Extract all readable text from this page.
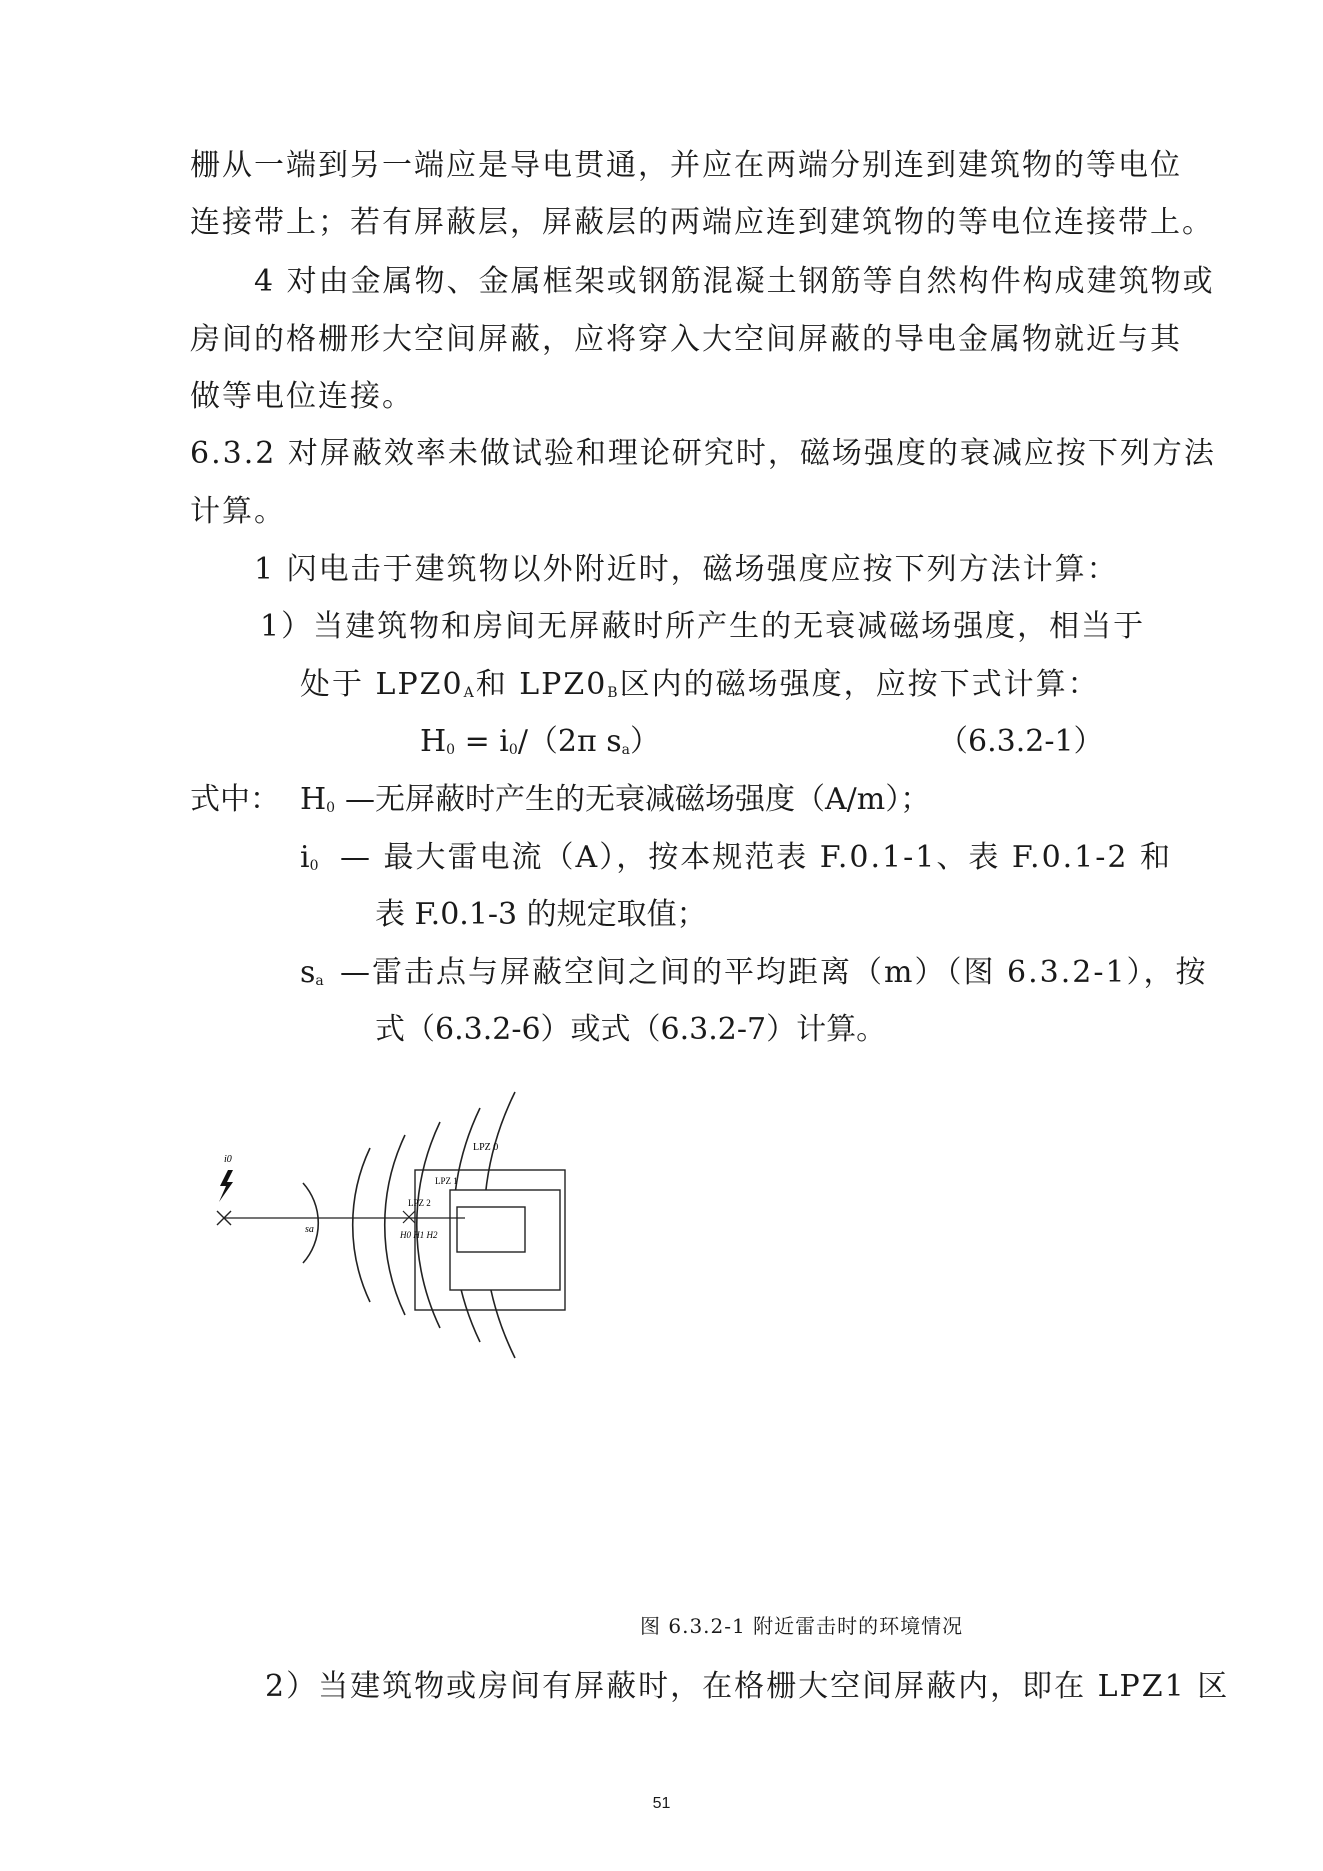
栅从一端到另一端应是导电贯通，并应在两端分别连到建筑物的等电位
连接带上；若有屏蔽层，屏蔽层的两端应连到建筑物的等电位连接带上。
4 对由金属物、金属框架或钢筋混凝土钢筋等自然构件构成建筑物或
房间的格栅形大空间屏蔽，应将穿入大空间屏蔽的导电金属物就近与其
做等电位连接。
6.3.2 对屏蔽效率未做试验和理论研究时，磁场强度的衰减应按下列方法
计算。
1 闪电击于建筑物以外附近时，磁场强度应按下列方法计算：
1）当建筑物和房间无屏蔽时所产生的无衰减磁场强度，相当于
处于 $LPZ0_A$和 $LPZ0_B$区内的磁场强度，应按下式计算：
$H_0 = i_0/(2\pi$ $s_a$）	（6.3.2-1）
式中： $H_0$ —无屏蔽时产生的无衰减磁场强度（A/m）；
$i_0$ — 最大雷电流（A），按本规范表 F.0.1-1、表 F.0.1-2 和
表 F.0.1-3 的规定取值；
$s_a$ —雷击点与屏蔽空间之间的平均距离（m）（图 6.3.2-1），按
式（6.3.2-6）或式（6.3.2-7）计算。
LPZ 0
LPZ 1
LPZ 2
i0
sa	H0 H1 H2
图 6.3.2-1 附近雷击时的环境情况
2）当建筑物或房间有屏蔽时，在格栅大空间屏蔽内，即在 LPZ1 区
51
